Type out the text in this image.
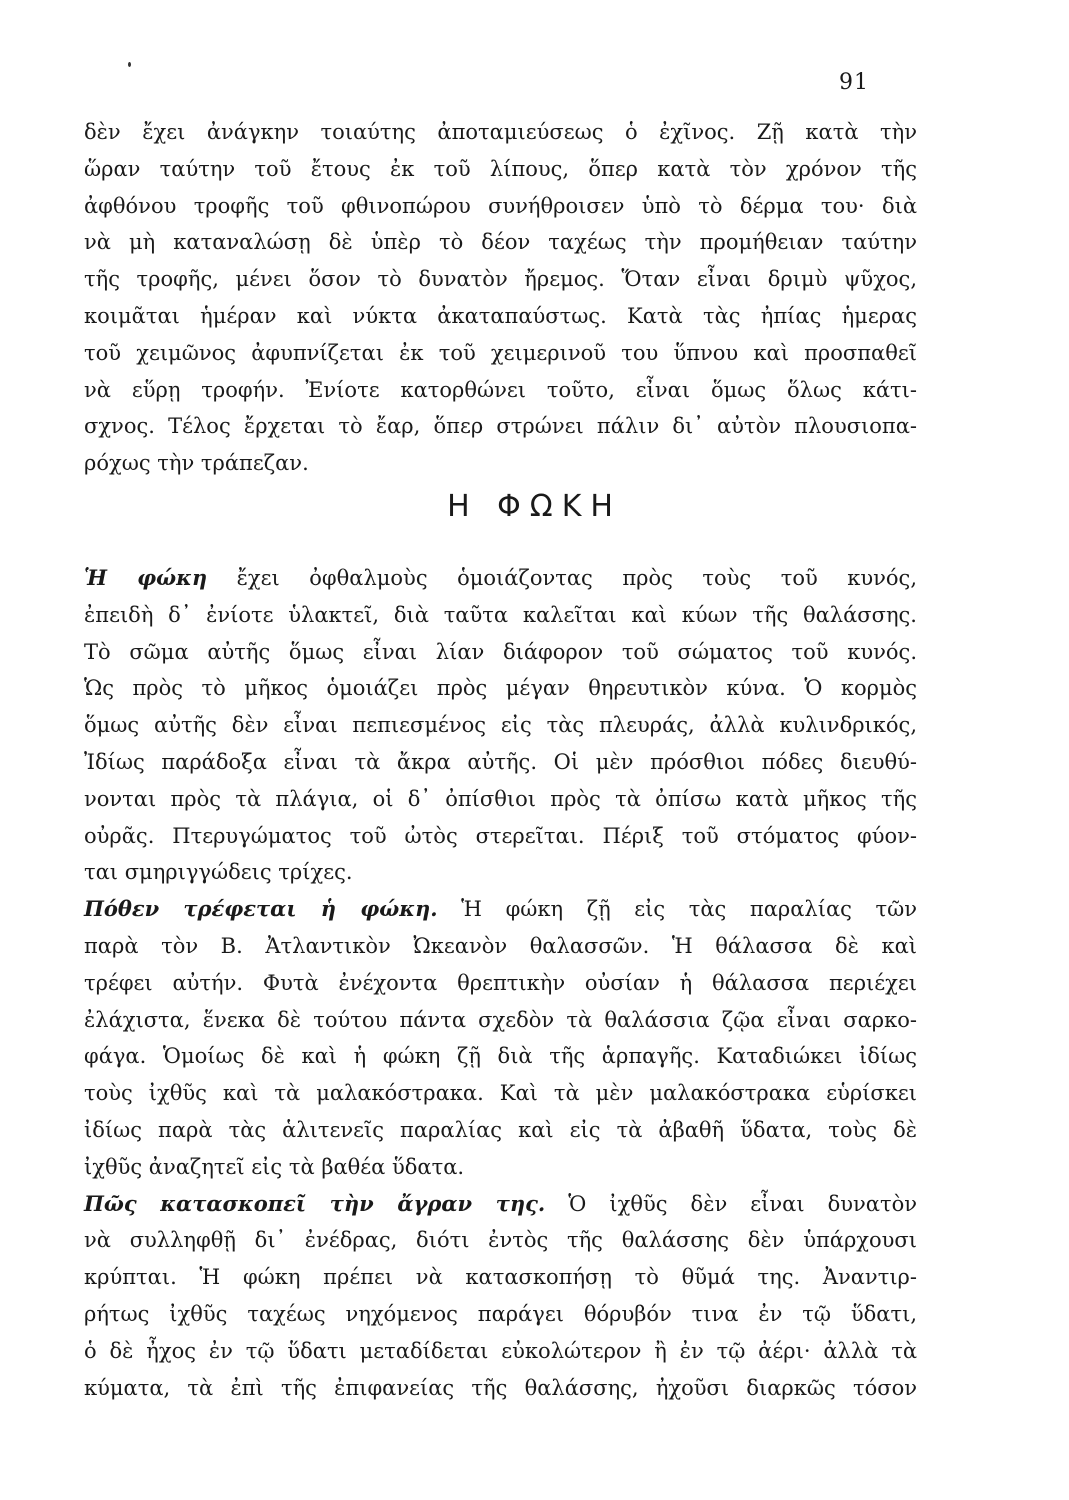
91
δὲν ἔχει ἀνάγκην τοιαύτης ἀποταμιεύσεως ὁ ἐχῖνος. Ζῇ κατὰ τὴν
ὥραν ταύτην τοῦ ἔτους ἐκ τοῦ λίπους, ὅπερ κατὰ τὸν χρόνον τῆς
ἀφθόνου τροφῆς τοῦ φθινοπώρου συνήθροισεν ὑπὸ τὸ δέρμα του· διὰ
νὰ μὴ καταναλώσῃ δὲ ὑπὲρ τὸ δέον ταχέως τὴν προμήθειαν ταύτην
τῆς τροφῆς, μένει ὅσον τὸ δυνατὸν ἤρεμος. Ὅταν εἶναι δριμὺ ψῦχος,
κοιμᾶται ἡμέραν καὶ νύκτα ἀκαταπαύστως. Κατὰ τὰς ἠπίας ἡμερας
τοῦ χειμῶνος ἀφυπνίζεται ἐκ τοῦ χειμερινοῦ του ὕπνου καὶ προσπαθεῖ
νὰ εὕρῃ τροφήν. Ἐνίοτε κατορθώνει τοῦτο, εἶναι ὅμως ὅλως κάτι-
σχνος. Τέλος ἔρχεται τὸ ἔαρ, ὅπερ στρώνει πάλιν δι᾽ αὐτὸν πλουσιοπα-
ρόχως τὴν τράπεζαν.
Η ΦΩΚΗ
Ἡ φώκη ἔχει ὀφθαλμοὺς ὁμοιάζοντας πρὸς τοὺς τοῦ κυνός,
ἐπειδὴ δ᾽ ἐνίοτε ὑλακτεῖ, διὰ ταῦτα καλεῖται καὶ κύων τῆς θαλάσσης.
Τὸ σῶμα αὐτῆς ὅμως εἶναι λίαν διάφορον τοῦ σώματος τοῦ κυνός.
Ὡς πρὸς τὸ μῆκος ὁμοιάζει πρὸς μέγαν θηρευτικὸν κύνα. Ὁ κορμὸς
ὅμως αὐτῆς δὲν εἶναι πεπιεσμένος εἰς τὰς πλευράς, ἀλλὰ κυλινδρικός,
Ἰδίως παράδοξα εἶναι τὰ ἄκρα αὐτῆς. Οἱ μὲν πρόσθιοι πόδες διευθύ-
νονται πρὸς τὰ πλάγια, οἱ δ᾽ ὀπίσθιοι πρὸς τὰ ὀπίσω κατὰ μῆκος τῆς
οὐρᾶς. Πτερυγώματος τοῦ ὠτὸς στερεῖται. Πέριξ τοῦ στόματος φύον-
ται σμηριγγώδεις τρίχες.
Πόθεν τρέφεται ἡ φώκη. Ἡ φώκη ζῇ εἰς τὰς παραλίας τῶν
παρὰ τὸν Β. Ἀτλαντικὸν Ὠκεανὸν θαλασσῶν. Ἡ θάλασσα δὲ καὶ
τρέφει αὐτήν. Φυτὰ ἐνέχοντα θρεπτικὴν οὐσίαν ἡ θάλασσα περιέχει
ἐλάχιστα, ἕνεκα δὲ τούτου πάντα σχεδὸν τὰ θαλάσσια ζῷα εἶναι σαρκο-
φάγα. Ὁμοίως δὲ καὶ ἡ φώκη ζῇ διὰ τῆς ἁρπαγῆς. Καταδιώκει ἰδίως
τοὺς ἰχθῦς καὶ τὰ μαλακόστρακα. Καὶ τὰ μὲν μαλακόστρακα εὑρίσκει
ἰδίως παρὰ τὰς ἁλιτενεῖς παραλίας καὶ εἰς τὰ ἀβαθῆ ὕδατα, τοὺς δὲ
ἰχθῦς ἀναζητεῖ εἰς τὰ βαθέα ὕδατα.
Πῶς κατασκοπεῖ τὴν ἄγραν της. Ὁ ἰχθῦς δὲν εἶναι δυνατὸν
νὰ συλληφθῇ δι᾽ ἐνέδρας, διότι ἐντὸς τῆς θαλάσσης δὲν ὑπάρχουσι
κρύπται. Ἡ φώκη πρέπει νὰ κατασκοπήσῃ τὸ θῦμά της. Ἀναντιρ-
ρήτως ἰχθῦς ταχέως νηχόμενος παράγει θόρυβόν τινα ἐν τῷ ὕδατι,
ὁ δὲ ἦχος ἐν τῷ ὕδατι μεταδίδεται εὐκολώτερον ἢ ἐν τῷ ἀέρι· ἀλλὰ τὰ
κύματα, τὰ ἐπὶ τῆς ἐπιφανείας τῆς θαλάσσης, ἠχοῦσι διαρκῶς τόσον
